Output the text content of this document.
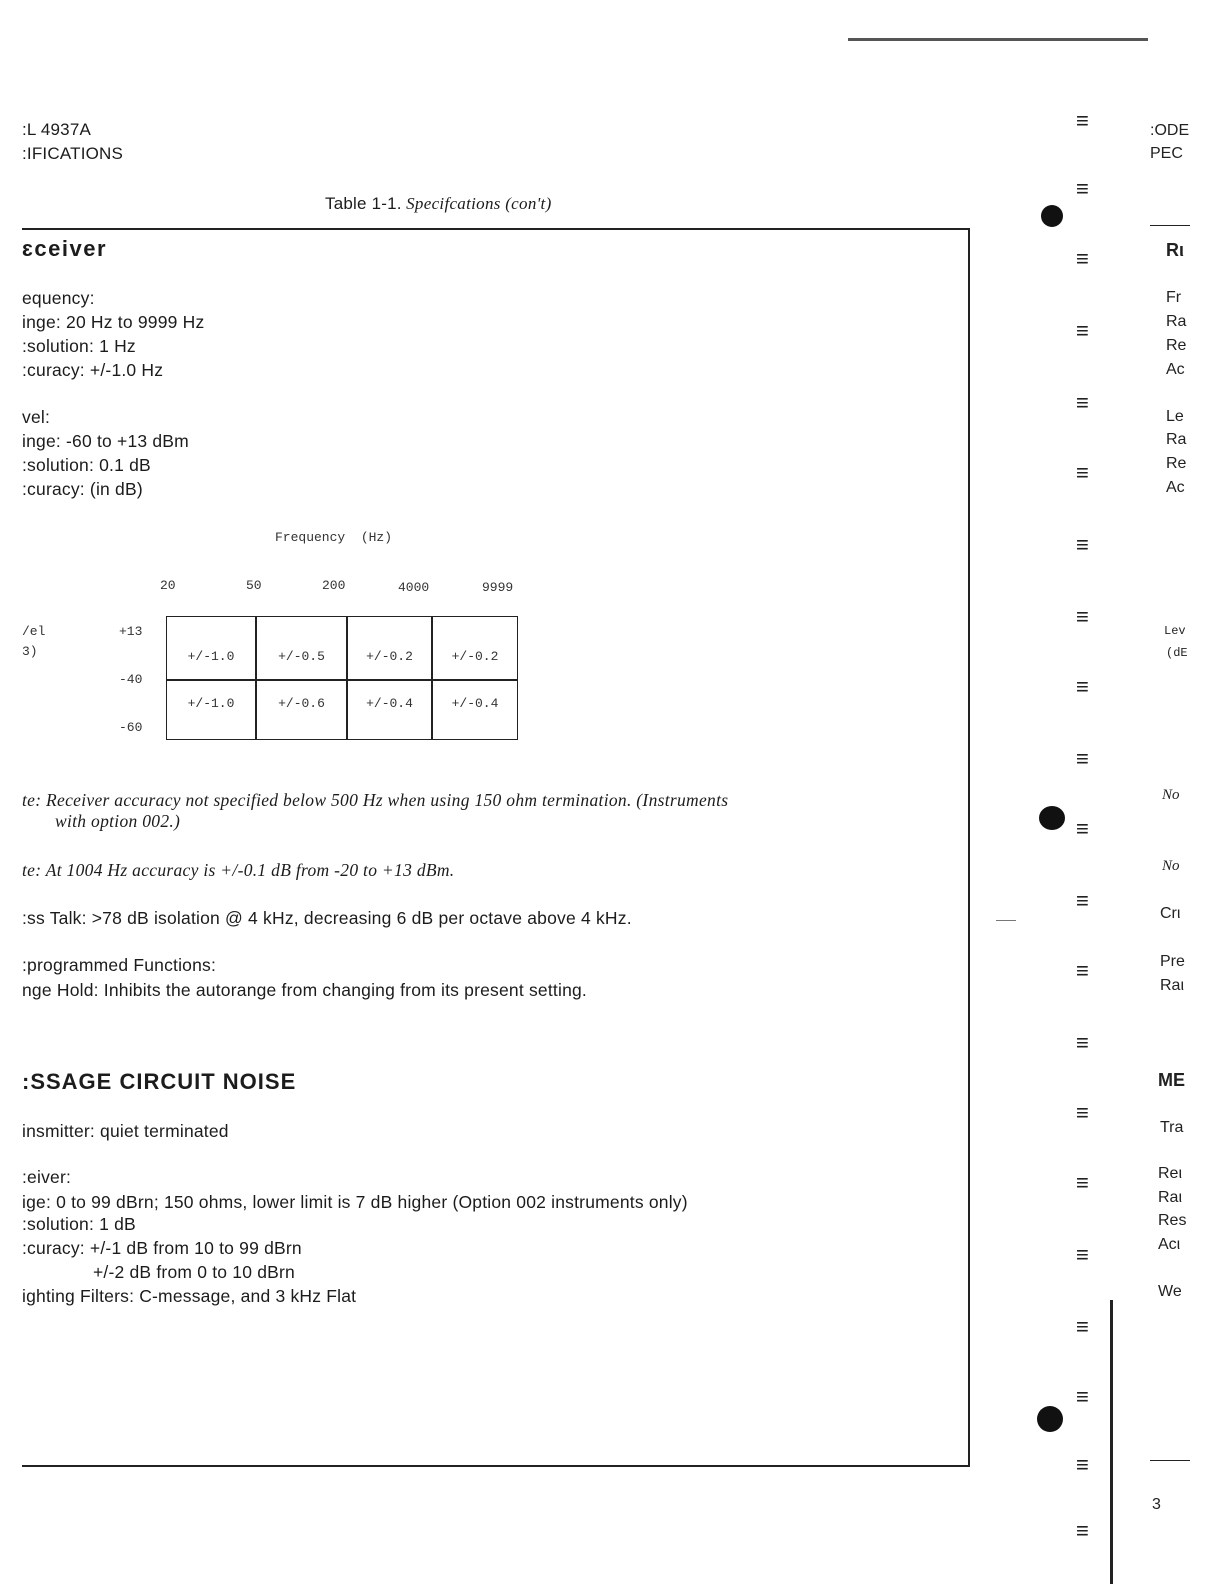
:L 4937A
:IFICATIONS
Table 1-1. Specifcations (con't)
ɛceiver
equency:
inge: 20 Hz to 9999 Hz
:solution: 1 Hz
:curacy: +/-1.0 Hz
vel:
inge: -60 to +13 dBm
:solution: 0.1 dB
:curacy: (in dB)
Frequency  (Hz)
20	50	200	4000	9999
/el
3)
+13
-40
-60
+/-1.0	+/-0.5	+/-0.2	+/-0.2
+/-1.0	+/-0.6	+/-0.4	+/-0.4
te: Receiver accuracy not specified below 500 Hz when using 150 ohm termination. (Instruments
with option 002.)
te: At 1004 Hz accuracy is +/-0.1 dB from -20 to +13 dBm.
:ss Talk: >78 dB isolation @ 4 kHz, decreasing 6 dB per octave above 4 kHz.
:programmed Functions:
nge Hold: Inhibits the autorange from changing from its present setting.
:SSAGE CIRCUIT NOISE
insmitter: quiet terminated
:eiver:
ige: 0 to 99 dBrn; 150 ohms, lower limit is 7 dB higher (Option 002 instruments only)
:solution: 1 dB
:curacy: +/-1 dB from 10 to 99 dBrn
+/-2 dB from 0 to 10 dBrn
ighting Filters: C-message, and 3 kHz Flat
≡
≡
≡
≡
≡
≡
≡
≡
≡
≡
≡
≡
≡
≡
≡
≡
≡
≡
≡
≡
≡
:ODE
PEC
Rι
Fr
Ra
Re
Ac
Le
Ra
Re
Ac
Lev
(dE
No
No
Crι
Pre
Raι
ME
Tra
Reι
Raι
Res
Acι
We
3
